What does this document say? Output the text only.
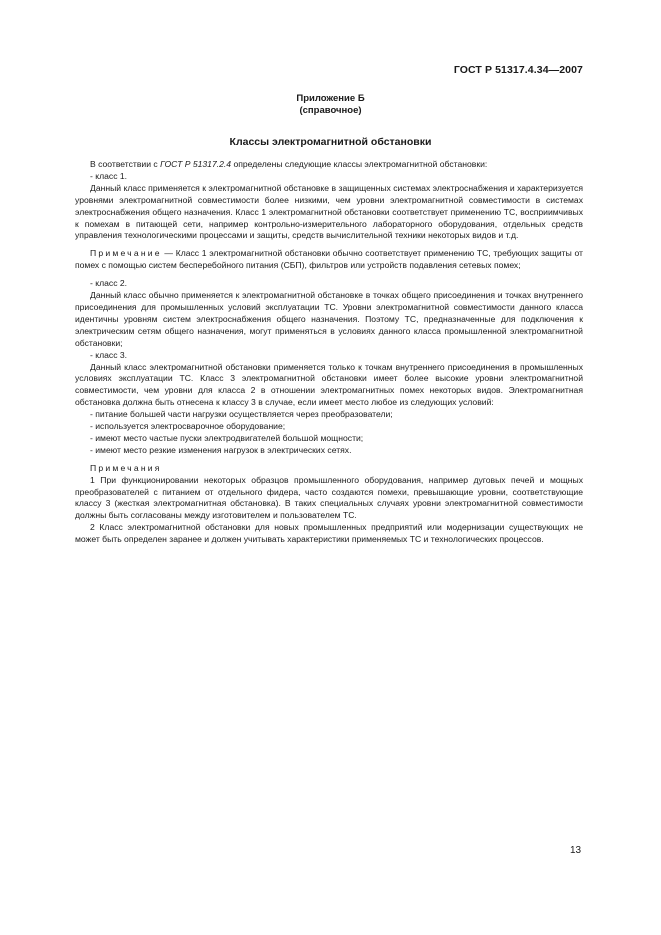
ГОСТ Р 51317.4.34—2007
Приложение Б
(справочное)
Классы электромагнитной обстановки

В соответствии с ГОСТ Р 51317.2.4 определены следующие классы электромагнитной обстановки:

- класс 1.

Данный класс применяется к электромагнитной обстановке в защищенных системах электроснабжения и характеризуется уровнями электромагнитной совместимости более низкими, чем уровни электромагнитной совместимости в системах электроснабжения общего назначения. Класс 1 электромагнитной обстановки соответствует применению ТС, восприимчивых к помехам в питающей сети, например контрольно-измерительного лабораторного оборудования, отдельных средств управления технологическими процессами и защиты, средств вычислительной техники некоторых видов и т.д.

Примечание — Класс 1 электромагнитной обстановки обычно соответствует применению ТС, требующих защиты от помех с помощью систем бесперебойного питания (СБП), фильтров или устройств подавления сетевых помех;

- класс 2.

Данный класс обычно применяется к электромагнитной обстановке в точках общего присоединения и точках внутреннего присоединения для промышленных условий эксплуатации ТС. Уровни электромагнитной совместимости данного класса идентичны уровням систем электроснабжения общего назначения. Поэтому ТС, предназначенные для подключения к электрическим сетям общего назначения, могут применяться в условиях данного класса промышленной электромагнитной обстановки;

- класс 3.

Данный класс электромагнитной обстановки применяется только к точкам внутреннего присоединения в промышленных условиях эксплуатации ТС. Класс 3 электромагнитной обстановки имеет более высокие уровни электромагнитной совместимости, чем уровни для класса 2 в отношении электромагнитных помех некоторых видов. Электромагнитная обстановка должна быть отнесена к классу 3 в случае, если имеет место любое из следующих условий:

- питание большей части нагрузки осуществляется через преобразователи;

- используется электросварочное оборудование;

- имеют место частые пуски электродвигателей большой мощности;

- имеют место резкие изменения нагрузок в электрических сетях.

Примечания

1 При функционировании некоторых образцов промышленного оборудования, например дуговых печей и мощных преобразователей с питанием от отдельного фидера, часто создаются помехи, превышающие уровни, соответствующие классу 3 (жесткая электромагнитная обстановка). В таких специальных случаях уровни электромагнитной совместимости должны быть согласованы между изготовителем и пользователем ТС.

2 Класс электромагнитной обстановки для новых промышленных предприятий или модернизации существующих не может быть определен заранее и должен учитывать характеристики применяемых ТС и технологических процессов.

13
